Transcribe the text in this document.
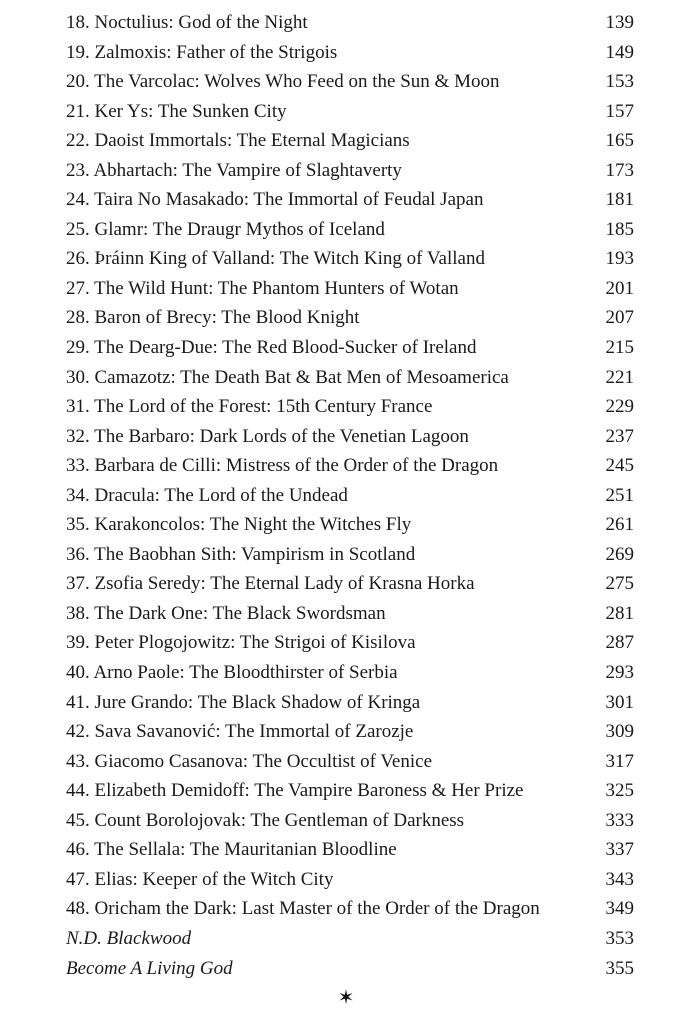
18. Noctulius: God of the Night	139
19. Zalmoxis: Father of the Strigois	149
20. The Varcolac: Wolves Who Feed on the Sun & Moon	153
21. Ker Ys: The Sunken City	157
22. Daoist Immortals: The Eternal Magicians	165
23. Abhartach: The Vampire of Slaghtaverty	173
24. Taira No Masakado: The Immortal of Feudal Japan	181
25. Glamr: The Draugr Mythos of Iceland	185
26. Þráinn King of Valland: The Witch King of Valland	193
27. The Wild Hunt: The Phantom Hunters of Wotan	201
28. Baron of Brecy: The Blood Knight	207
29. The Dearg-Due: The Red Blood-Sucker of Ireland	215
30. Camazotz: The Death Bat & Bat Men of Mesoamerica	221
31. The Lord of the Forest: 15th Century France	229
32. The Barbaro: Dark Lords of the Venetian Lagoon	237
33. Barbara de Cilli: Mistress of the Order of the Dragon	245
34. Dracula: The Lord of the Undead	251
35. Karakoncolos: The Night the Witches Fly	261
36. The Baobhan Sith: Vampirism in Scotland	269
37. Zsofia Seredy: The Eternal Lady of Krasna Horka	275
38. The Dark One: The Black Swordsman	281
39. Peter Plogojowitz: The Strigoi of Kisilova	287
40. Arno Paole: The Bloodthirster of Serbia	293
41. Jure Grando: The Black Shadow of Kringa	301
42. Sava Savanović: The Immortal of Zarozje	309
43. Giacomo Casanova: The Occultist of Venice	317
44. Elizabeth Demidoff: The Vampire Baroness & Her Prize	325
45. Count Borolojovak: The Gentleman of Darkness	333
46. The Sellala: The Mauritanian Bloodline	337
47. Elias: Keeper of the Witch City	343
48. Oricham the Dark: Last Master of the Order of the Dragon	349
N.D. Blackwood	353
Become A Living God	355
✶
